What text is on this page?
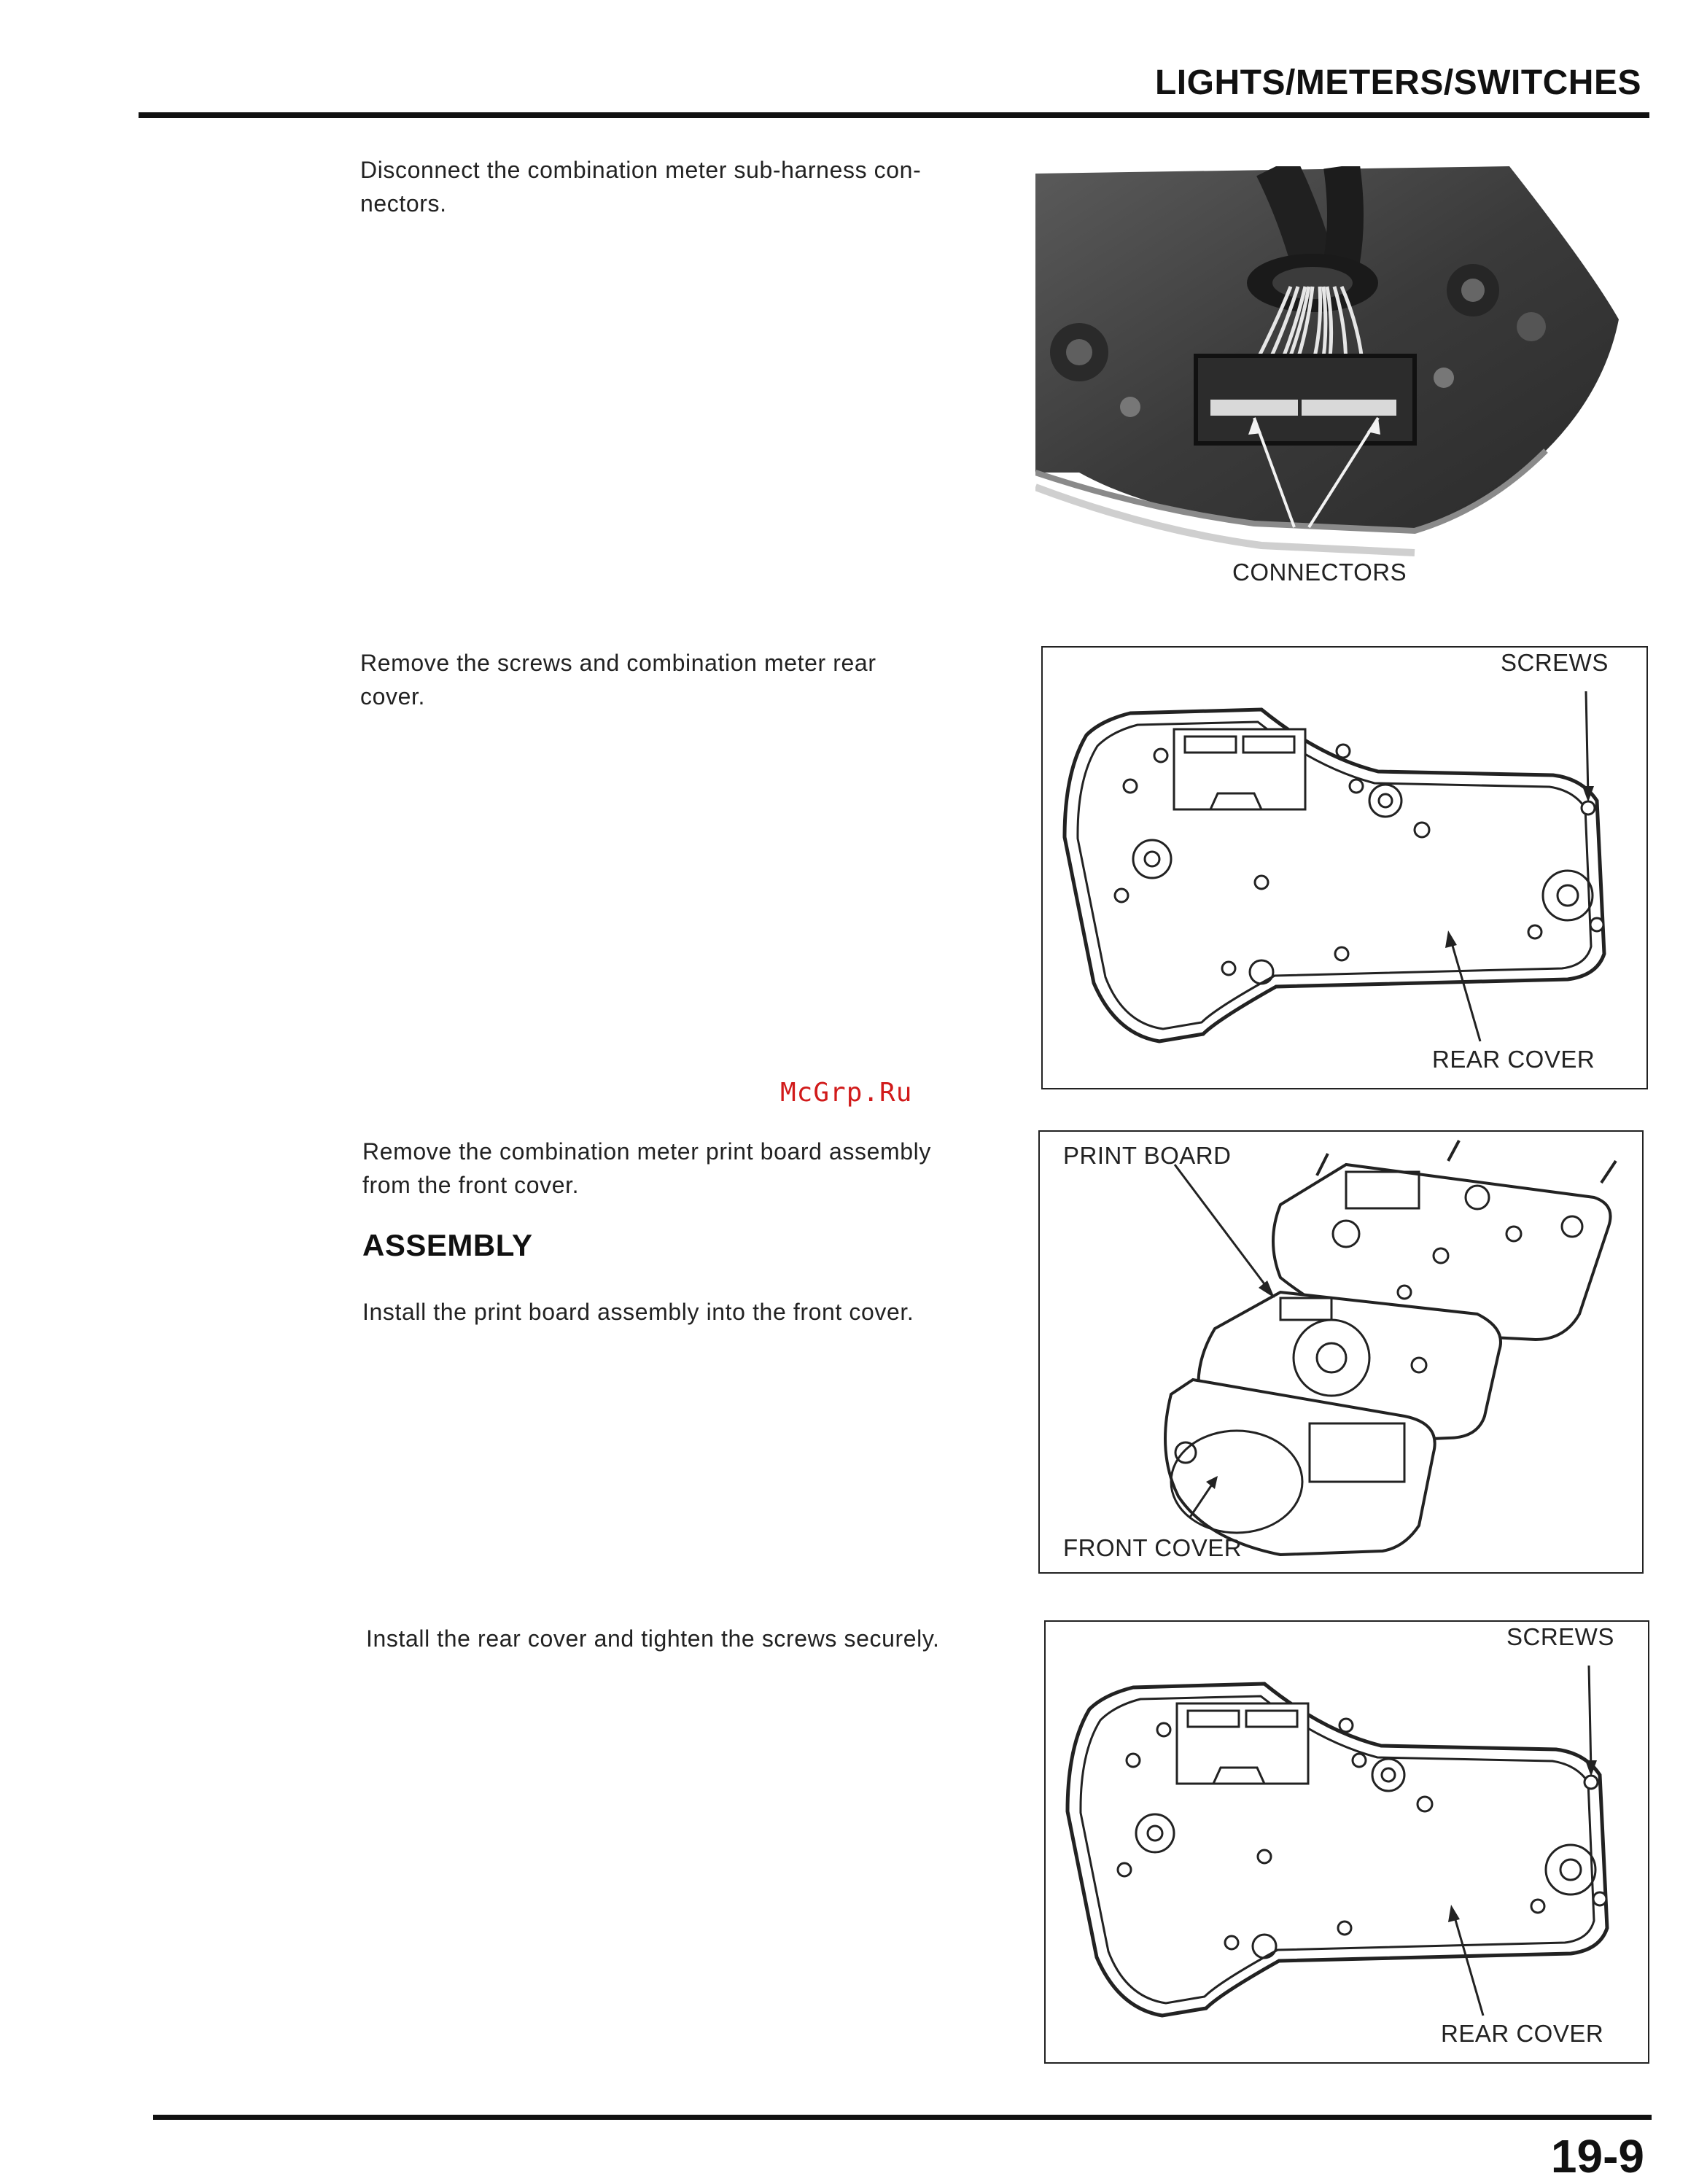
LIGHTS/METERS/SWITCHES
Disconnect the combination meter sub-harness con-
nectors.
CONNECTORS
Remove the screws and combination meter rear
cover.
SCREWS
REAR COVER
McGrp.Ru
Remove the combination meter print board assembly
from the front cover.
ASSEMBLY
Install the print board assembly into the front cover.
PRINT BOARD
FRONT COVER
Install the rear cover and tighten the screws securely.	SCREWS
REAR COVER
19-9
